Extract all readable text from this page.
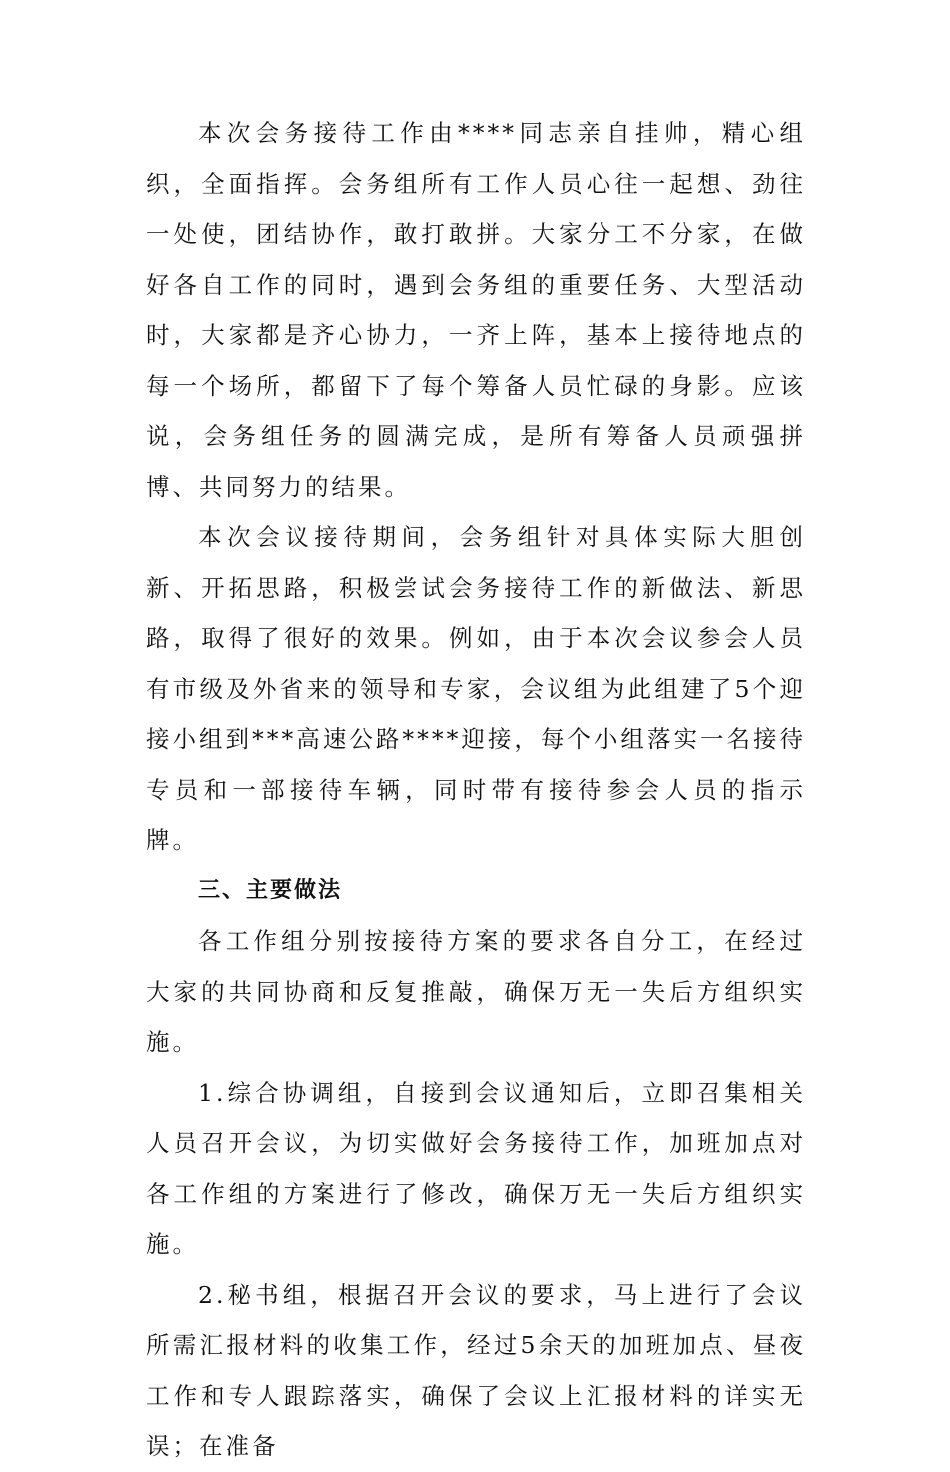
本次会务接待工作由****同志亲自挂帅，精心组织，全面指挥。会务组所有工作人员心往一起想、劲往一处使，团结协作，敢打敢拼。大家分工不分家，在做好各自工作的同时，遇到会务组的重要任务、大型活动时，大家都是齐心协力，一齐上阵，基本上接待地点的每一个场所，都留下了每个筹备人员忙碌的身影。应该说，会务组任务的圆满完成，是所有筹备人员顽强拼博、共同努力的结果。

本次会议接待期间，会务组针对具体实际大胆创新、开拓思路，积极尝试会务接待工作的新做法、新思路，取得了很好的效果。例如，由于本次会议参会人员有市级及外省来的领导和专家，会议组为此组建了5个迎接小组到***高速公路****迎接，每个小组落实一名接待专员和一部接待车辆，同时带有接待参会人员的指示牌。

三、主要做法

各工作组分别按接待方案的要求各自分工，在经过大家的共同协商和反复推敲，确保万无一失后方组织实施。

1.综合协调组，自接到会议通知后，立即召集相关人员召开会议，为切实做好会务接待工作，加班加点对各工作组的方案进行了修改，确保万无一失后方组织实施。

2.秘书组，根据召开会议的要求，马上进行了会议所需汇报材料的收集工作，经过5余天的加班加点、昼夜工作和专人跟踪落实，确保了会议上汇报材料的详实无误；在准备
